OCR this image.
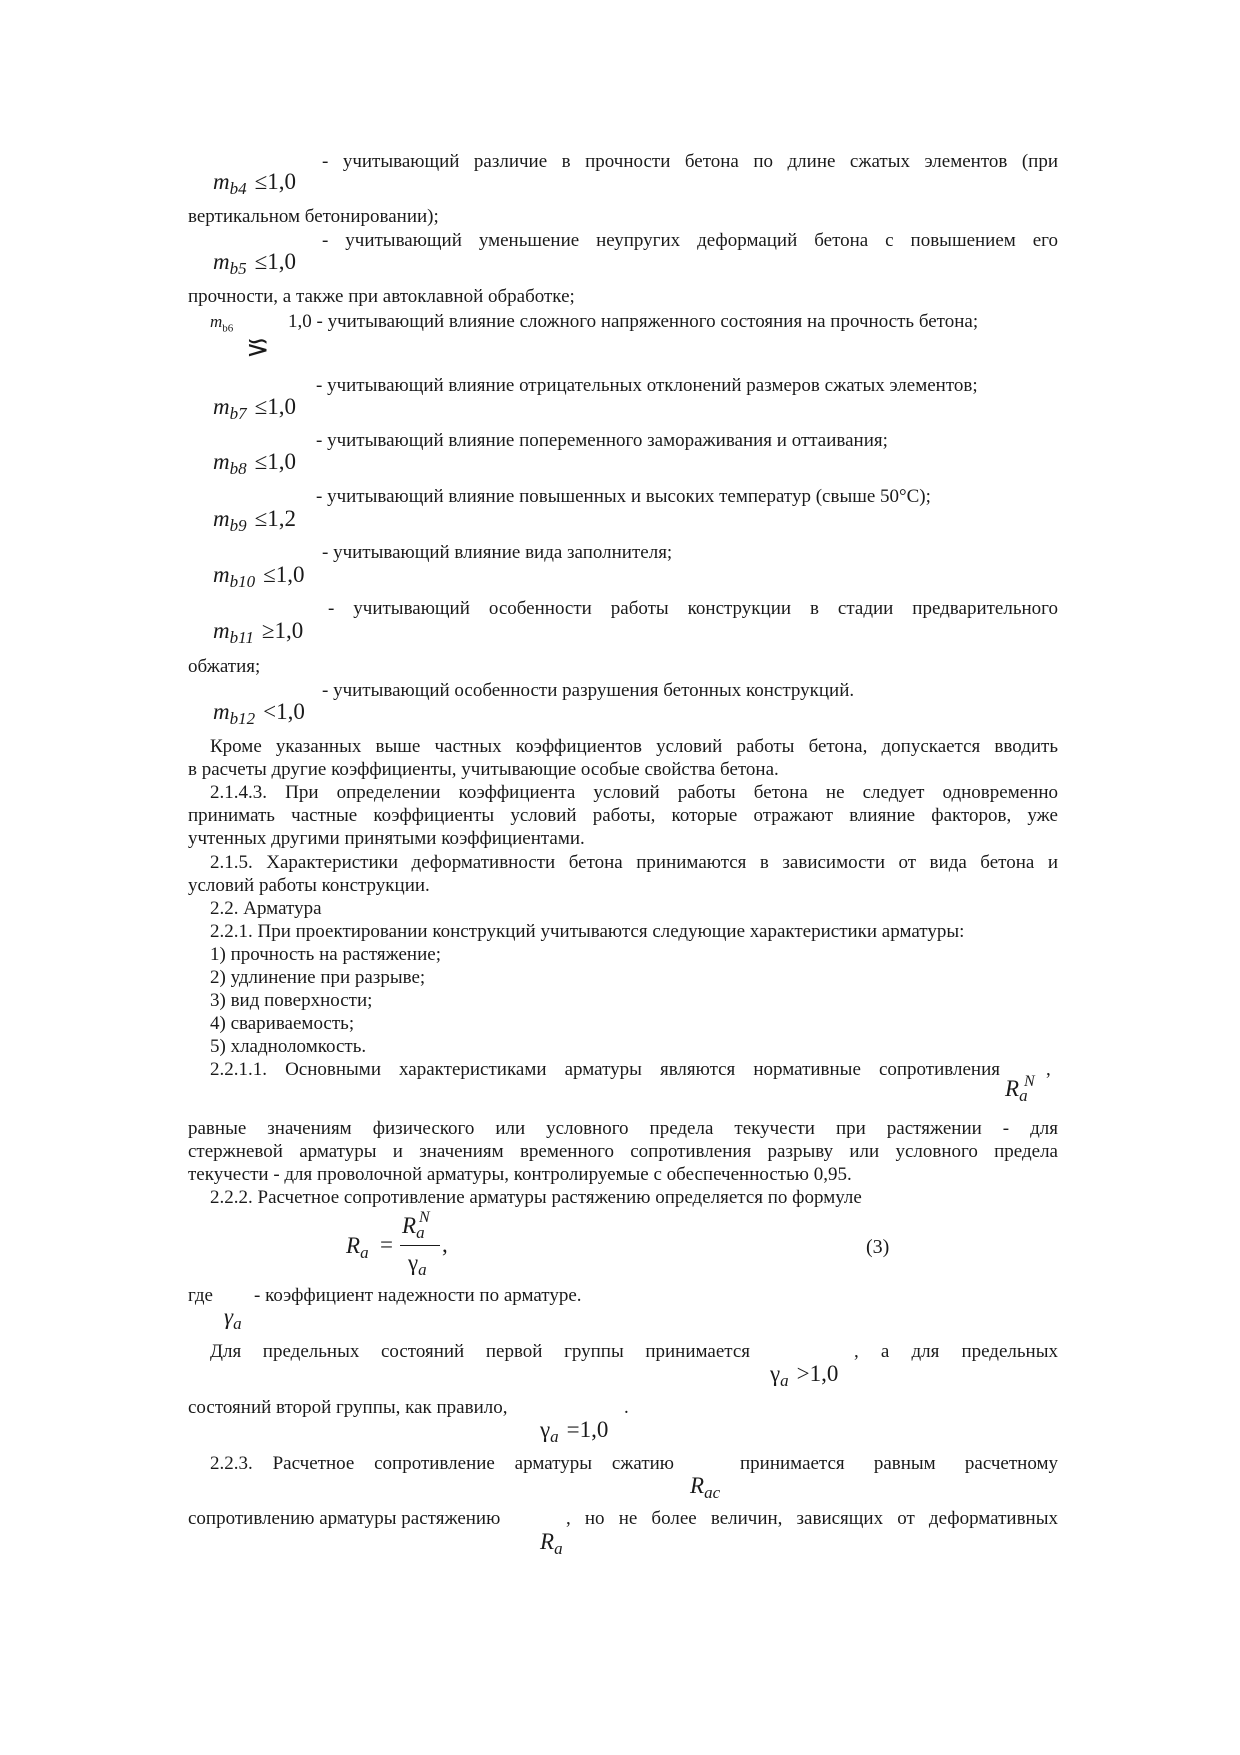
- учитывающий различие в прочности бетона по длине сжатых элементов (при
$m_{b4} \le 1,0$
вертикальном бетонировании);
- учитывающий уменьшение неупругих деформаций бетона с повышением его
$m_{b5} \le 1,0$
прочности, а также при автоклавной обработке;
$m_{b6}$	1,0 - учитывающий влияние сложного напряженного состояния на прочность бетона;
⪞
- учитывающий влияние отрицательных отклонений размеров сжатых элементов;
$m_{b7} \le 1,0$
- учитывающий влияние попеременного замораживания и оттаивания;
$m_{b8} \le 1,0$
- учитывающий влияние повышенных и высоких температур (свыше 50°С);
$m_{b9} \le 1,2$
- учитывающий влияние вида заполнителя;
$m_{b10} \le 1,0$
- учитывающий особенности работы конструкции в стадии предварительного
$m_{b11} \ge 1,0$
обжатия;
- учитывающий особенности разрушения бетонных конструкций.
$m_{b12} <1,0$
Кроме указанных выше частных коэффициентов условий работы бетона, допускается вводить
в расчеты другие коэффициенты, учитывающие особые свойства бетона.
2.1.4.3. При определении коэффициента условий работы бетона не следует одновременно
принимать частные коэффициенты условий работы, которые отражают влияние факторов, уже
учтенных другими принятыми коэффициентами.
2.1.5. Характеристики деформативности бетона принимаются в зависимости от вида бетона и
условий работы конструкции.
2.2. Арматура
2.2.1. При проектировании конструкций учитываются следующие характеристики арматуры:
1) прочность на растяжение;
2) удлинение при разрыве;
3) вид поверхности;
4) свариваемость;
5) хладноломкость.
2.2.1.1. Основными характеристиками арматуры являются нормативные сопротивления ,
$R_a$
N
равные значениям физического или условного предела текучести при растяжении - для
стержневой арматуры и значениям временного сопротивления разрыву или условного предела
текучести - для проволочной арматуры, контролируемые с обеспеченностью 0,95.
2.2.2. Расчетное сопротивление арматуры растяжению определяется по формуле
$R_a$ =
$R_a$
N
$\gamma_a$
,	(3)
где - коэффициент надежности по арматуре.
$\gamma_a$
Для предельных состояний первой группы принимается	, а для предельных
$\gamma_a >1,0$
состояний второй группы, как правило,	.
$\gamma_a =1,0$
2.2.3. Расчетное сопротивление арматуры сжатию	принимается равным расчетному
$R_{ac}$
сопротивлению арматуры растяжению	, но не более величин, зависящих от деформативных
$R_a$
